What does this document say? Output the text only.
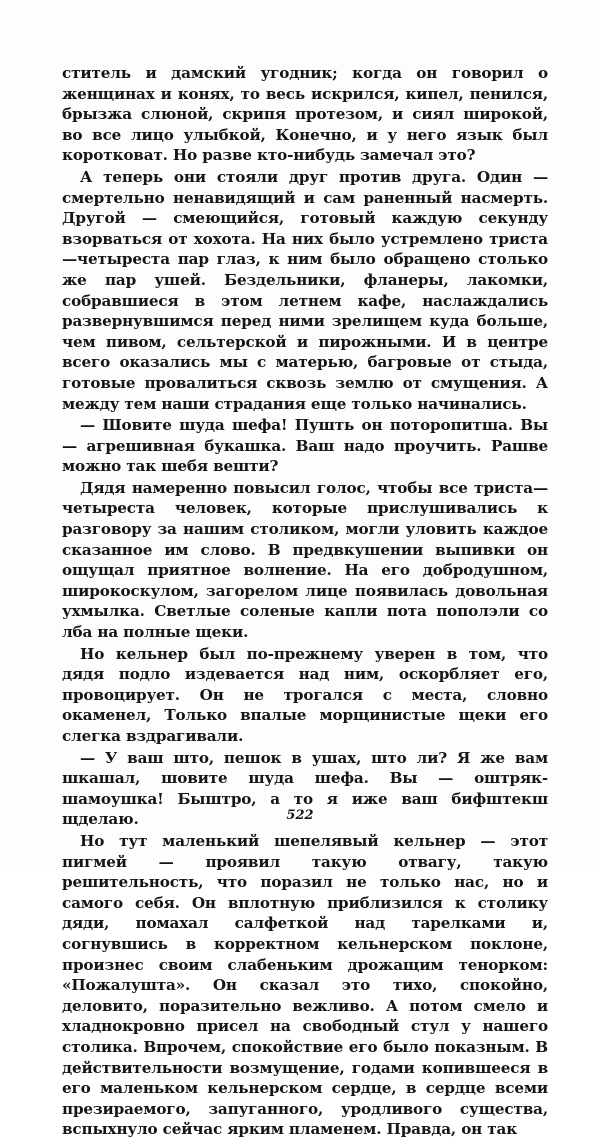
ститель и дамский угодник; когда он говорил о женщинах и конях, то весь искрился, кипел, пенился, брызжа слюной, скрипя протезом, и сиял широкой, во все лицо улыбкой, Конечно, и у него язык был коротковат. Но разве кто-нибудь замечал это?

А теперь они стояли друг против друга. Один — смертельно ненавидящий и сам раненный насмерть. Другой — смеющийся, готовый каждую секунду взорваться от хохота. На них было устремлено триста—четыреста пар глаз, к ним было обращено столько же пар ушей. Бездельники, фланеры, лакомки, собравшиеся в этом летнем кафе, наслаждались развернувшимся перед ними зрелищем куда больше, чем пивом, сельтерской и пирожными. И в центре всего оказались мы с матерью, багровые от стыда, готовые провалиться сквозь землю от смущения. А между тем наши страдания еще только начинались.

— Шовите шуда шефа! Пушть он поторопитша. Вы — агрешивная букашка. Ваш надо проучить. Рашве можно так шебя вешти?

Дядя намеренно повысил голос, чтобы все триста—четыреста человек, которые прислушивались к разговору за нашим столиком, могли уловить каждое сказанное им слово. В предвкушении выпивки он ощущал приятное волнение. На его добродушном, широкоскулом, загорелом лице появилась довольная ухмылка. Светлые соленые капли пота пополэли со лба на полные щеки.

Но кельнер был по-прежнему уверен в том, что дядя подло издевается над ним, оскорбляет его, провоцирует. Он не трогался с места, словно окаменел, Только впалые морщинистые щеки его слегка вздрагивали.

— У ваш што, пешок в ушах, што ли? Я же вам шкашал, шовите шуда шефа. Вы — оштряк-шамоушка! Быштро, а то я иже ваш бифштекш щделаю.

Но тут маленький шепелявый кельнер — этот пигмей — проявил такую отвагу, такую решительность, что поразил не только нас, но и самого себя. Он вплотную приблизился к столику дяди, помахал салфеткой над тарелками и, согнувшись в корректном кельнерском поклоне, произнес своим слабеньким дрожащим тенорком: «Пожалушта». Он сказал это тихо, спокойно, деловито, поразительно вежливо. А потом смело и хладнокровно присел на свободный стул у нашего столика. Впрочем, спокойствие его было показным. В действительности возмущение, годами копившееся в его маленьком кельнерском сердце, в сердце всеми презираемого, запуганного, уродливого существа, вспыхнуло сейчас ярким пламенем. Правда, он так

522
